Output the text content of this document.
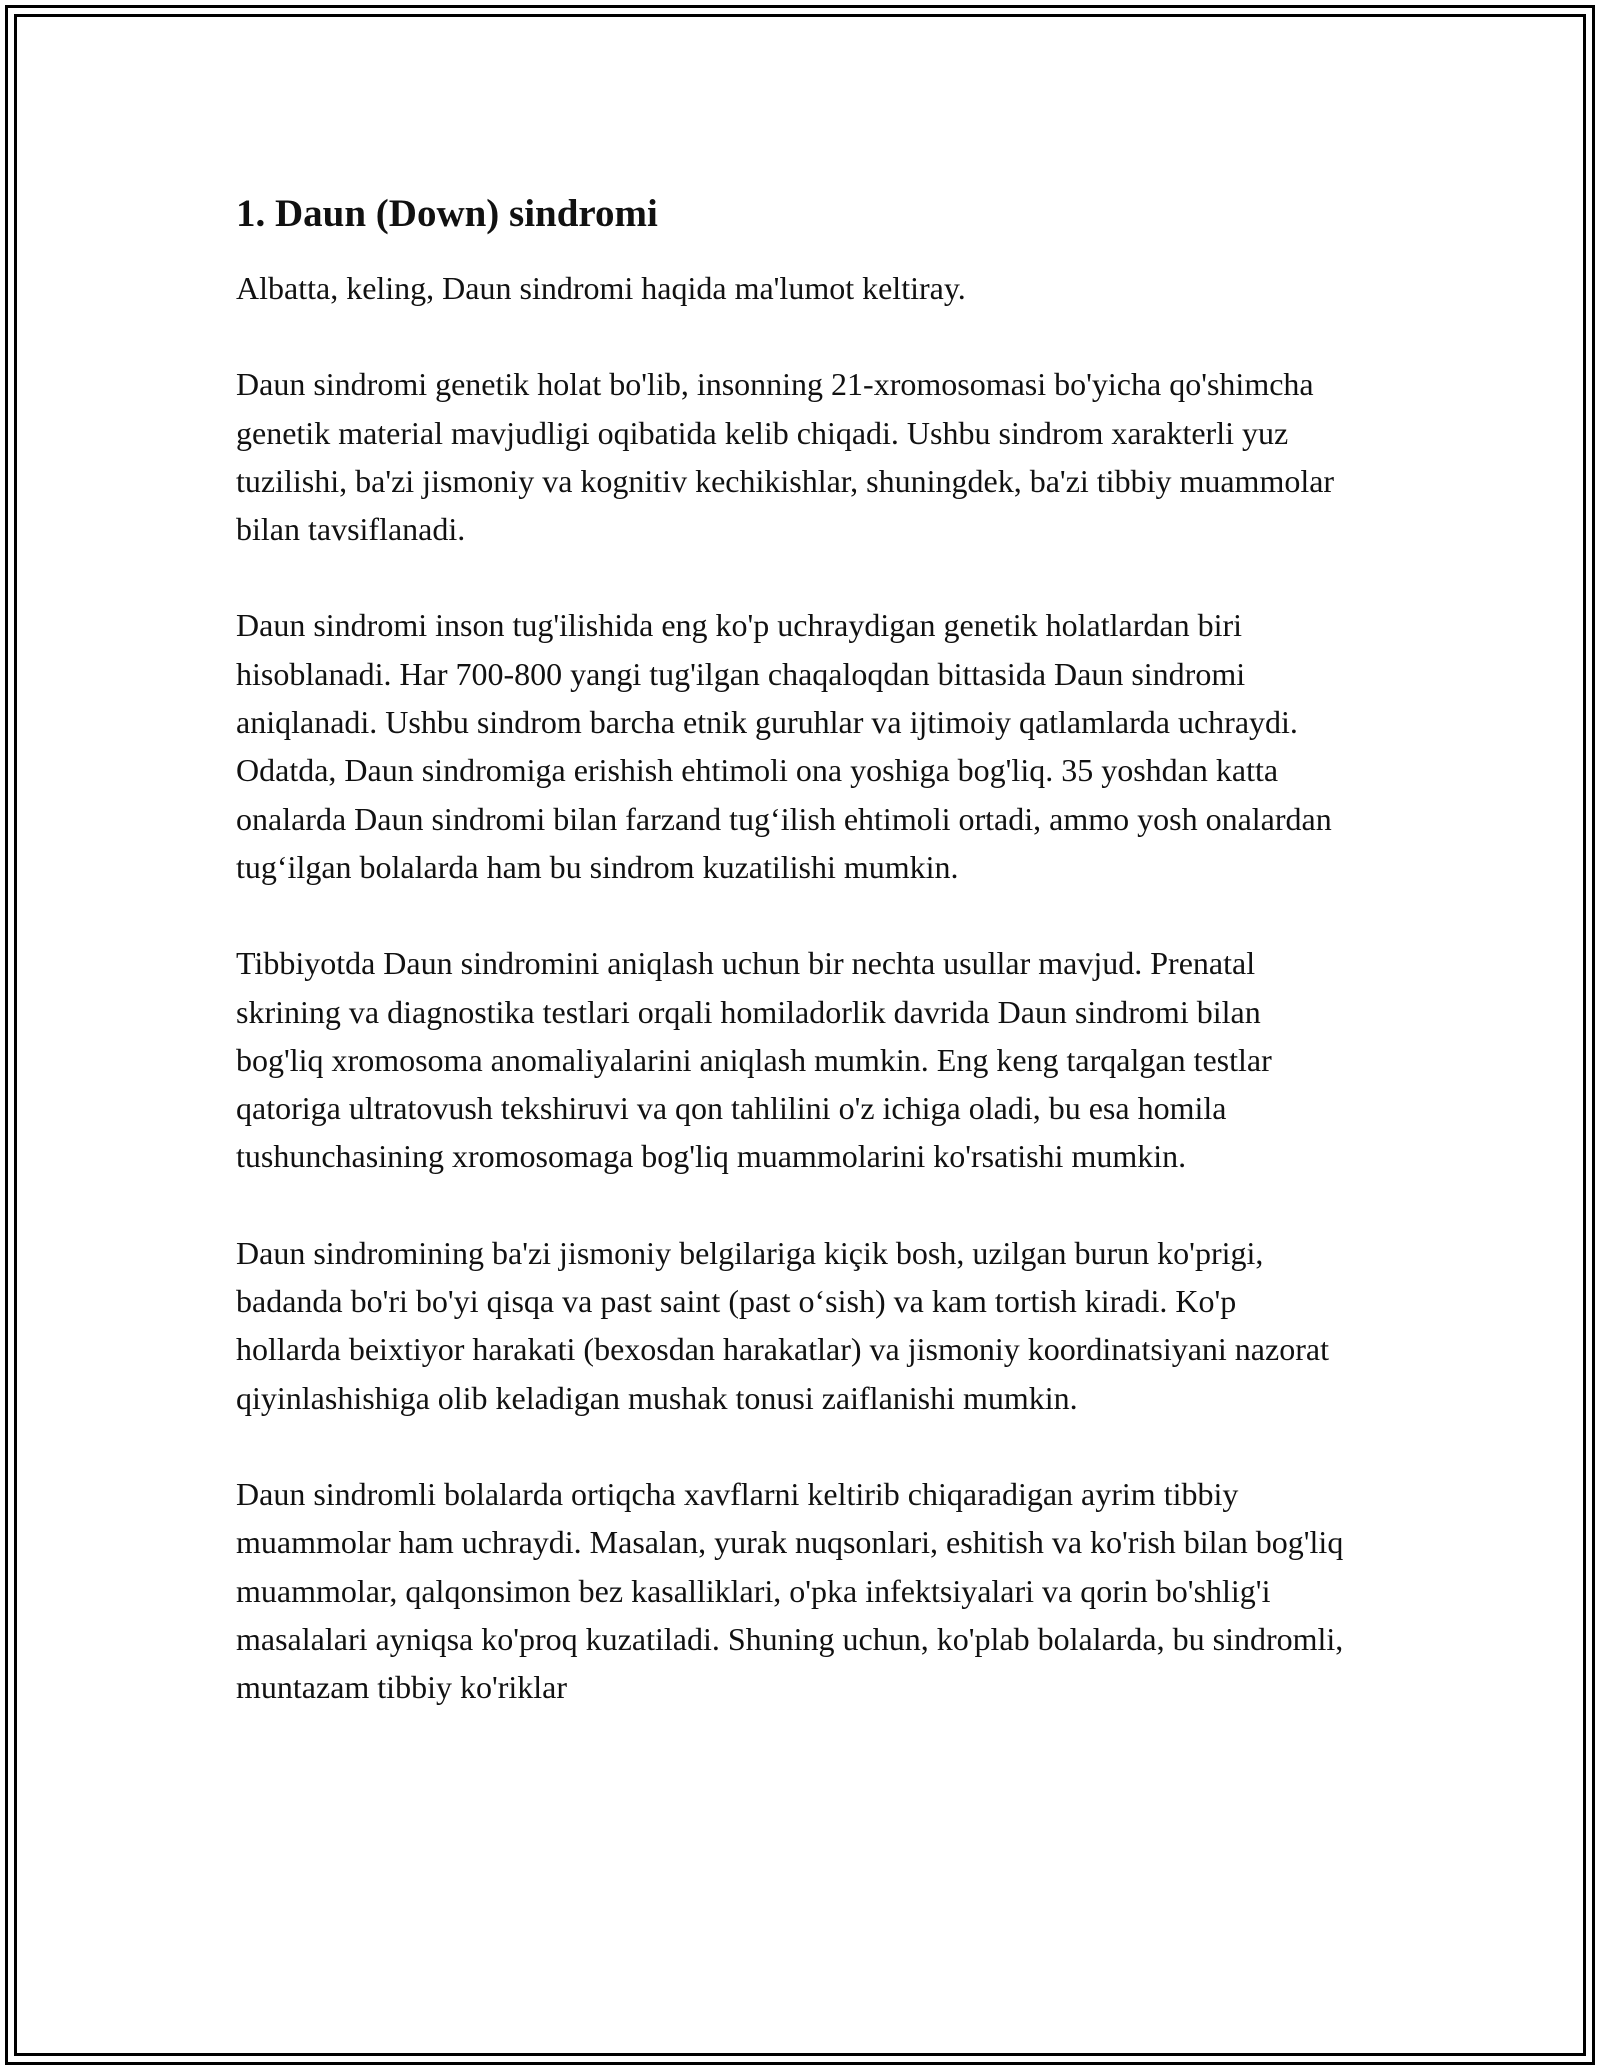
1. Daun (Down) sindromi

Albatta, keling, Daun sindromi haqida ma'lumot keltiray.

Daun sindromi genetik holat bo'lib, insonning 21-xromosomasi bo'yicha qo'shimcha genetik material mavjudligi oqibatida kelib chiqadi. Ushbu sindrom xarakterli yuz tuzilishi, ba'zi jismoniy va kognitiv kechikishlar, shuningdek, ba'zi tibbiy muammolar bilan tavsiflanadi.

Daun sindromi inson tug'ilishida eng ko'p uchraydigan genetik holatlardan biri hisoblanadi. Har 700-800 yangi tug'ilgan chaqaloqdan bittasida Daun sindromi aniqlanadi. Ushbu sindrom barcha etnik guruhlar va ijtimoiy qatlamlarda uchraydi. Odatda, Daun sindromiga erishish ehtimoli ona yoshiga bog'liq. 35 yoshdan katta onalarda Daun sindromi bilan farzand tug‘ilish ehtimoli ortadi, ammo yosh onalardan tug‘ilgan bolalarda ham bu sindrom kuzatilishi mumkin.

Tibbiyotda Daun sindromini aniqlash uchun bir nechta usullar mavjud. Prenatal skrining va diagnostika testlari orqali homiladorlik davrida Daun sindromi bilan bog'liq xromosoma anomaliyalarini aniqlash mumkin. Eng keng tarqalgan testlar qatoriga ultratovush tekshiruvi va qon tahlilini o'z ichiga oladi, bu esa homila tushunchasining xromosomaga bog'liq muammolarini ko'rsatishi mumkin.

Daun sindromining ba'zi jismoniy belgilariga kiçik bosh, uzilgan burun ko'prigi, badanda bo'ri bo'yi qisqa va past saint (past o‘sish) va kam tortish kiradi. Ko'p hollarda beixtiyor harakati (bexosdan harakatlar) va jismoniy koordinatsiyani nazorat qiyinlashishiga olib keladigan mushak tonusi zaiflanishi mumkin.

Daun sindromli bolalarda ortiqcha xavflarni keltirib chiqaradigan ayrim tibbiy muammolar ham uchraydi. Masalan, yurak nuqsonlari, eshitish va ko'rish bilan bog'liq muammolar, qalqonsimon bez kasalliklari, o'pka infektsiyalari va qorin bo'shlig'i masalalari ayniqsa ko'proq kuzatiladi. Shuning uchun, ko'plab bolalarda, bu sindromli, muntazam tibbiy ko'riklar
